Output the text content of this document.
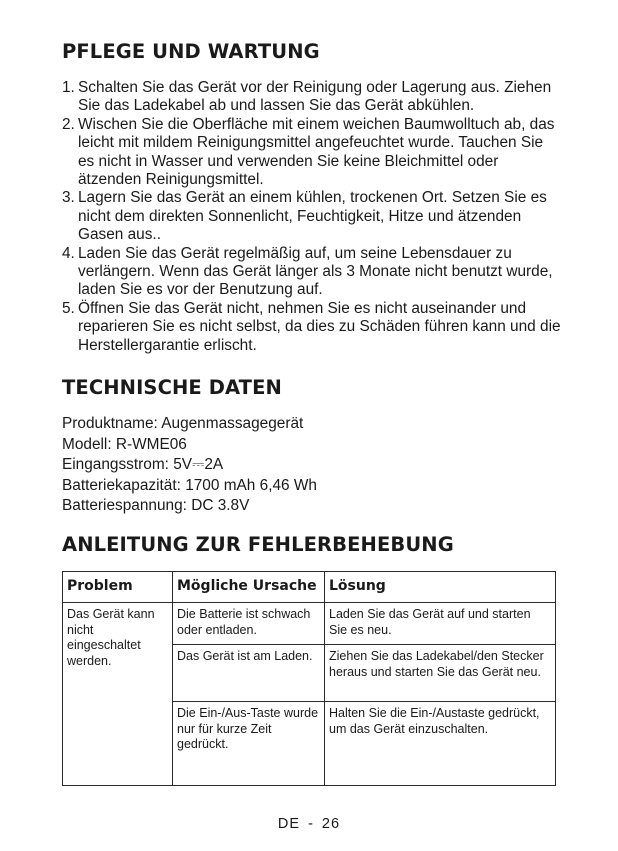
PFLEGE UND WARTUNG
1. Schalten Sie das Gerät vor der Reinigung oder Lagerung aus. Ziehen Sie das Ladekabel ab und lassen Sie das Gerät abkühlen.
2. Wischen Sie die Oberfläche mit einem weichen Baumwolltuch ab, das leicht mit mildem Reinigungsmittel angefeuchtet wurde. Tauchen Sie es nicht in Wasser und verwenden Sie keine Bleichmittel oder ätzenden Reinigungsmittel.
3. Lagern Sie das Gerät an einem kühlen, trockenen Ort. Setzen Sie es nicht dem direkten Sonnenlicht, Feuchtigkeit, Hitze und ätzenden Gasen aus..
4. Laden Sie das Gerät regelmäßig auf, um seine Lebensdauer zu verlängern. Wenn das Gerät länger als 3 Monate nicht benutzt wurde, laden Sie es vor der Benutzung auf.
5. Öffnen Sie das Gerät nicht, nehmen Sie es nicht auseinander und reparieren Sie es nicht selbst, da dies zu Schäden führen kann und die Herstellergarantie erlischt.
TECHNISCHE DATEN
Produktname: Augenmassagegerät
Modell: R-WME06
Eingangsstrom: 5V⎓2A
Batteriekapazität: 1700 mAh 6,46 Wh
Batteriespannung: DC 3.8V
ANLEITUNG ZUR FEHLERBEHEBUNG
Problem	Mögliche Ursache	Lösung
Das Gerät kann nicht eingeschaltet werden.	Die Batterie ist schwach oder entladen.	Laden Sie das Gerät auf und starten Sie es neu.
	Das Gerät ist am Laden.	Ziehen Sie das Ladekabel/den Stecker heraus und starten Sie das Gerät neu.
	Die Ein-/Aus-Taste wurde nur für kurze Zeit gedrückt.	Halten Sie die Ein-/Austaste gedrückt, um das Gerät einzuschalten.
DE - 26
